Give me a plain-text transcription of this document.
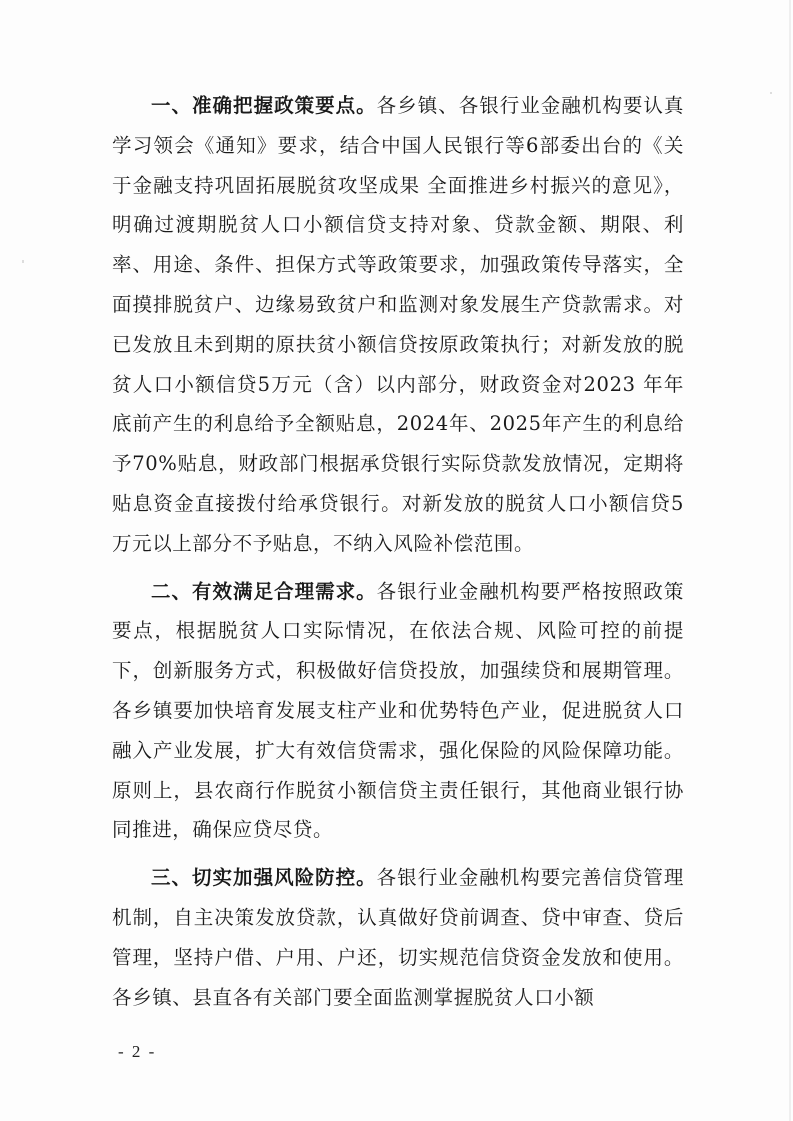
一、准确把握政策要点。各乡镇、各银行业金融机构要认真学习领会《通知》要求，结合中国人民银行等6部委出台的《关于金融支持巩固拓展脱贫攻坚成果 全面推进乡村振兴的意见》，明确过渡期脱贫人口小额信贷支持对象、贷款金额、期限、利率、用途、条件、担保方式等政策要求，加强政策传导落实，全面摸排脱贫户、边缘易致贫户和监测对象发展生产贷款需求。对已发放且未到期的原扶贫小额信贷按原政策执行；对新发放的脱贫人口小额信贷5万元（含）以内部分，财政资金对2023 年年底前产生的利息给予全额贴息，2024年、2025年产生的利息给予70%贴息，财政部门根据承贷银行实际贷款发放情况，定期将贴息资金直接拨付给承贷银行。对新发放的脱贫人口小额信贷5万元以上部分不予贴息，不纳入风险补偿范围。

二、有效满足合理需求。各银行业金融机构要严格按照政策要点，根据脱贫人口实际情况，在依法合规、风险可控的前提下，创新服务方式，积极做好信贷投放，加强续贷和展期管理。各乡镇要加快培育发展支柱产业和优势特色产业，促进脱贫人口融入产业发展，扩大有效信贷需求，强化保险的风险保障功能。原则上，县农商行作脱贫小额信贷主责任银行，其他商业银行协同推进，确保应贷尽贷。

三、切实加强风险防控。各银行业金融机构要完善信贷管理机制，自主决策发放贷款，认真做好贷前调查、贷中审查、贷后管理，坚持户借、户用、户还，切实规范信贷资金发放和使用。各乡镇、县直各有关部门要全面监测掌握脱贫人口小额

- 2 -
